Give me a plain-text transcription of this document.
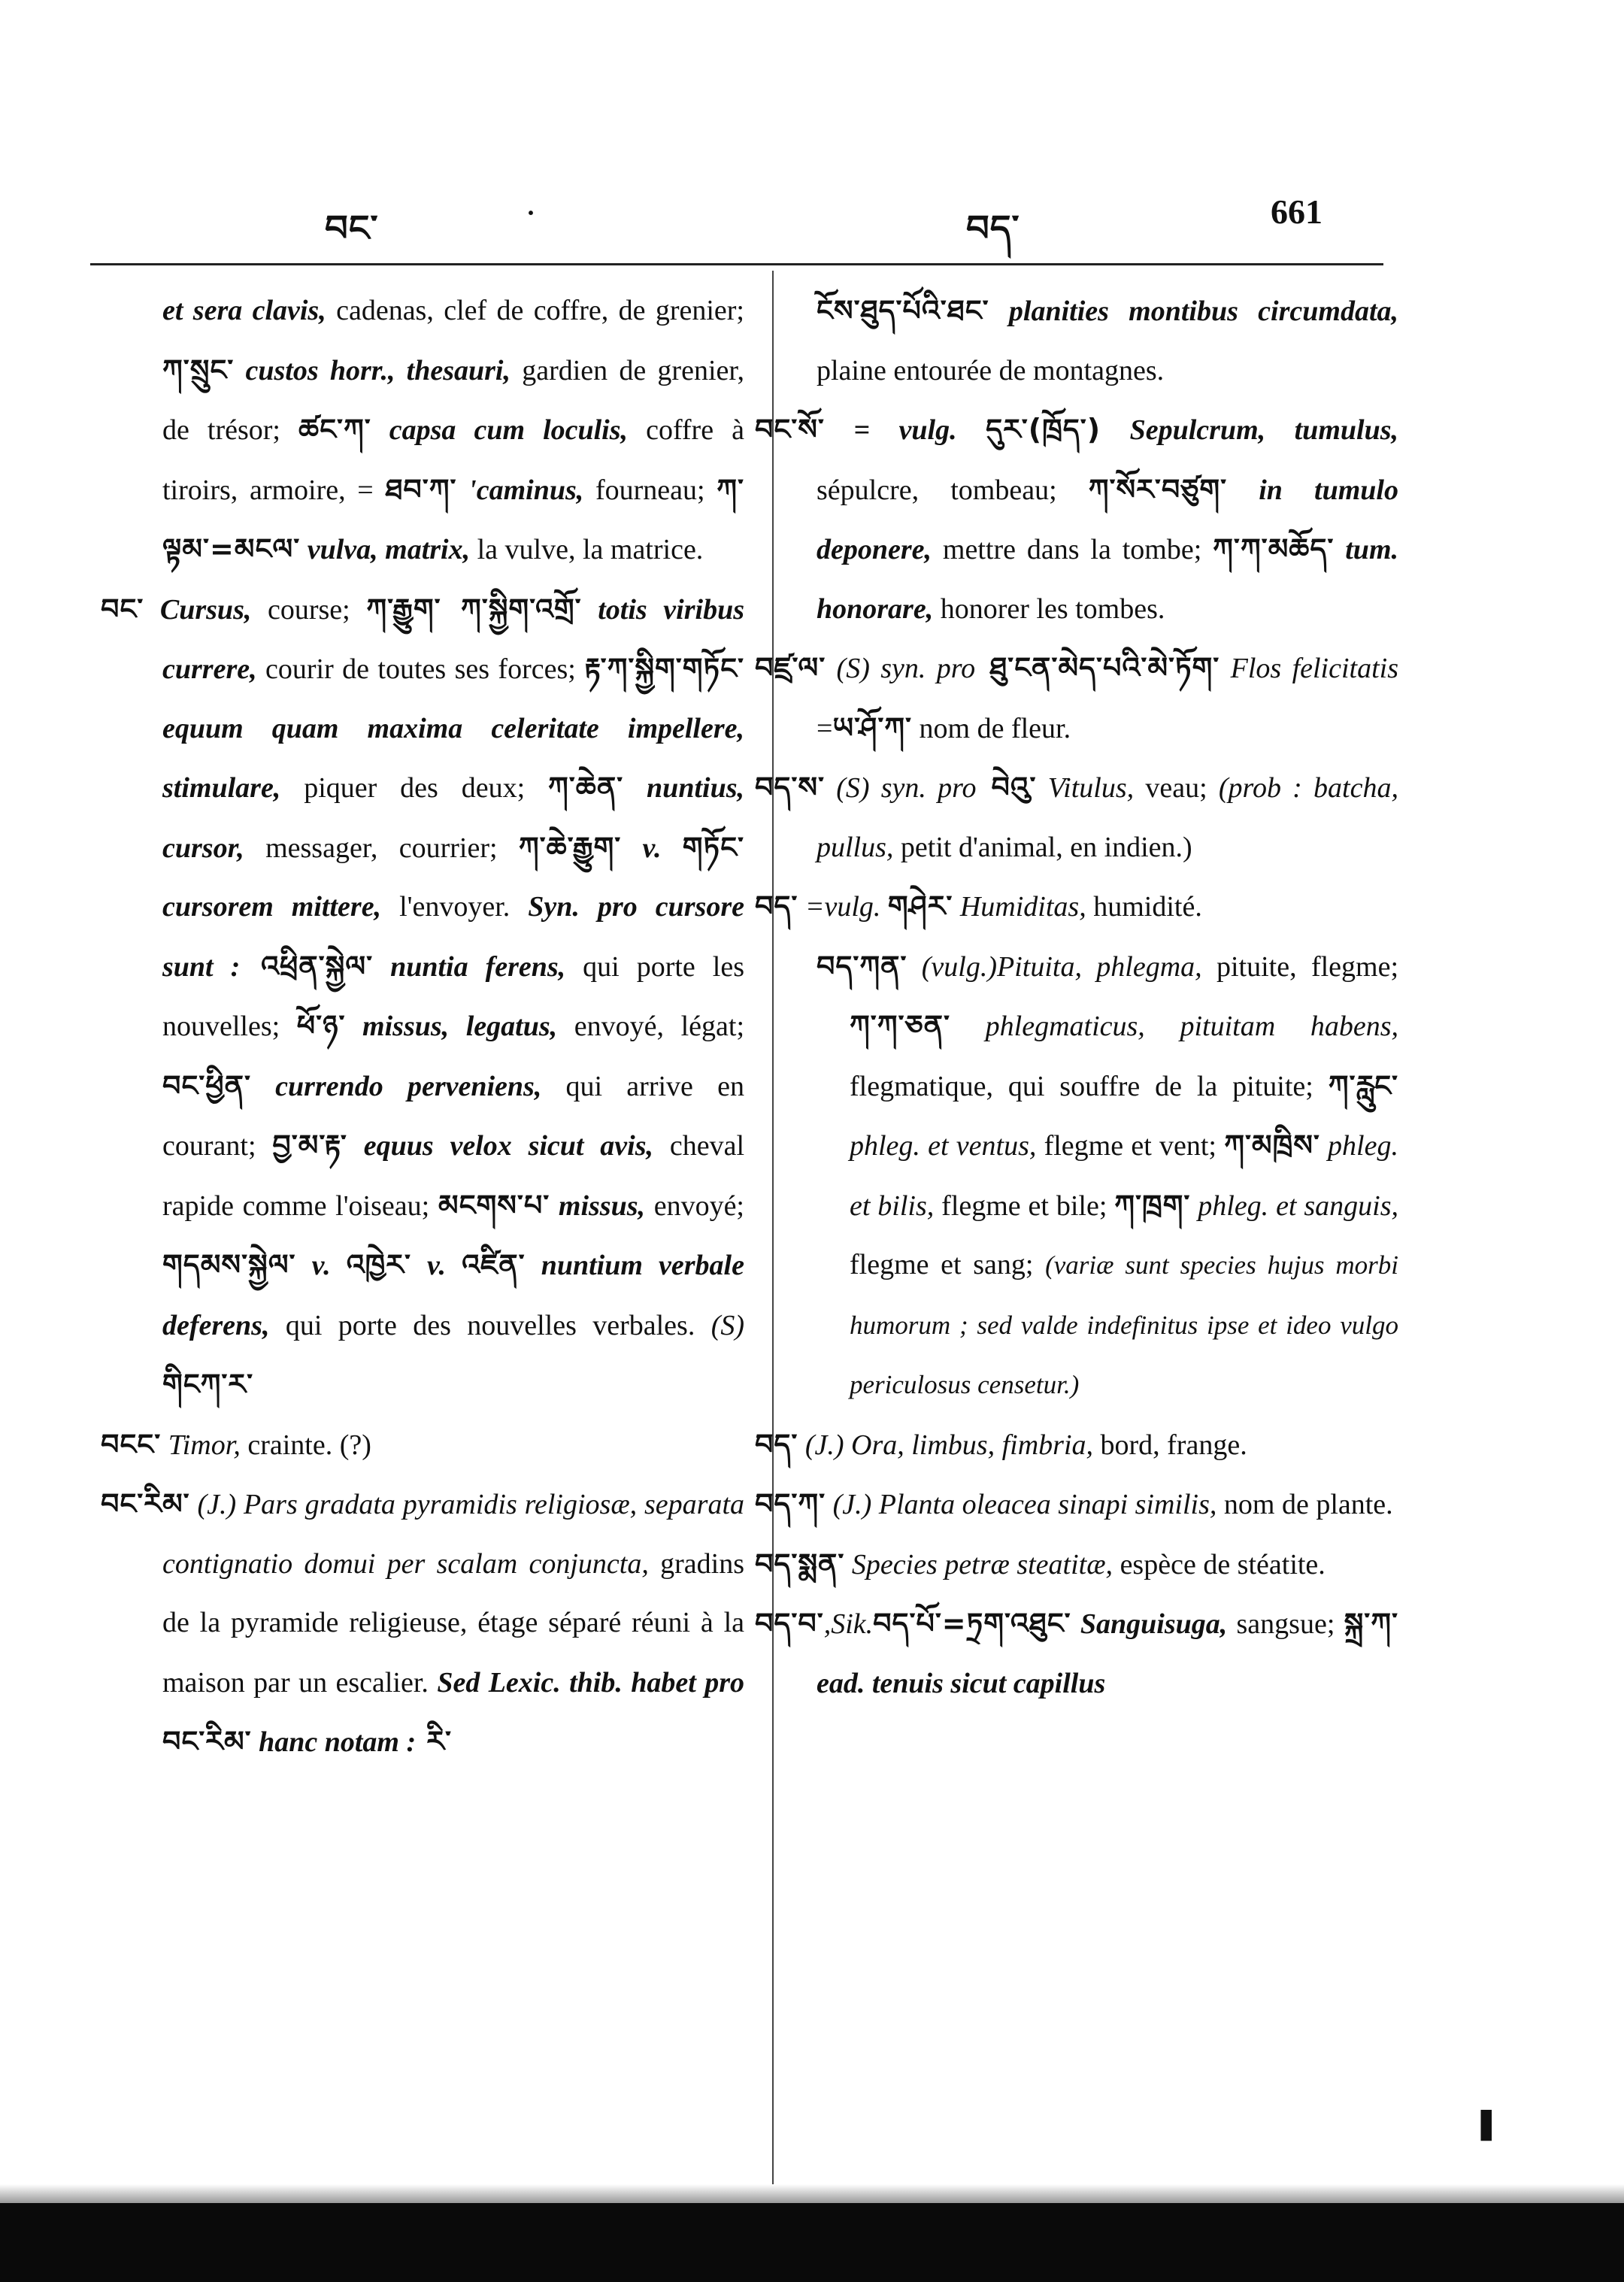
བང་	·	བད་	661
et sera clavis, cadenas, clef de coffre, de grenier; ཀ་སྲུང་ custos horr., thesauri, gardien de grenier, de trésor; ཚང་ཀ་ capsa cum loculis, coffre à tiroirs, armoire, = ཐབ་ཀ་ 'caminus, fourneau; ཀ་ལྟམ་=མངལ་ vulva, matrix, la vulve, la matrice.
བང་ Cursus, course; ཀ་རྒྱུག་ ཀ་སྐྱིག་འགྲོ་ totis viribus currere, courir de toutes ses forces; རྟ་ཀ་སྐྱིག་གཏོང་ equum quam maxima celeritate impellere, stimulare, piquer des deux; ཀ་ཆེན་ nuntius, cursor, messager, courrier; ཀ་ཆེ་རྒྱུག་ v. གཏོང་ cursorem mittere, l'envoyer. Syn. pro cursore sunt : འཕྲིན་སྐྱེལ་ nuntia ferens, qui porte les nouvelles; ཕོ་ཉ་ missus, legatus, envoyé, légat; བང་ཕྱིན་ currendo perveniens, qui arrive en courant; བྱ་མ་རྟ་ equus velox sicut avis, cheval rapide comme l'oiseau; མངགས་པ་ missus, envoyé; གདམས་སྐྱེལ་ v. འཁྱེར་ v. འཛིན་ nuntium verbale deferens, qui porte des nouvelles verbales. (S) གིངཀ་ར་
བངང་ Timor, crainte. (?)
བང་རིམ་ (J.) Pars gradata pyramidis religiosæ, separata contignatio domui per scalam conjuncta, gradins de la pyramide religieuse, étage séparé réuni à la maison par un escalier. Sed Lexic. thib. habet pro བང་རིམ་ hanc notam : རི་
ངོས་ཐུད་པོའི་ཐང་ planities montibus circumdata, plaine entourée de montagnes.
བང་སོ་ = vulg. དུར་(ཁྲོད་) Sepulcrum, tumulus, sépulcre, tombeau; ཀ་སོར་བཙུག་ in tumulo deponere, mettre dans la tombe; ཀ་ཀ་མཆོད་ tum. honorare, honorer les tombes.
བཛྲ་ལ་ (S) syn. pro ཐུ་ངན་མེད་པའི་མེ་ཏོག་ Flos felicitatis =ཡ་ཤོ་ཀ་ nom de fleur.
བད་ས་ (S) syn. pro བེའུ་ Vitulus, veau; (prob : batcha, pullus, petit d'animal, en indien.)
བད་ =vulg. གཤེར་ Humiditas, humidité.
བད་ཀན་ (vulg.)Pituita, phlegma, pituite, flegme; ཀ་ཀ་ཅན་ phlegmaticus, pituitam habens, flegmatique, qui souffre de la pituite; ཀ་རླུང་ phleg. et ventus, flegme et vent; ཀ་མཁྲིས་ phleg. et bilis, flegme et bile; ཀ་ཁྲག་ phleg. et sanguis, flegme et sang; (variæ sunt species hujus morbi humorum ; sed valde indefinitus ipse et ideo vulgo periculosus censetur.)
བད་ (J.) Ora, limbus, fimbria, bord, frange.
བད་ཀ་ (J.) Planta oleacea sinapi similis, nom de plante.
བད་སྨན་ Species petræ steatitæ, espèce de stéatite.
བད་བ་,Sik.བད་པོ་=ཏྲག་འཐུང་ Sanguisuga, sangsue; སྐྲ་ཀ་ ead. tenuis sicut capillus
❚
